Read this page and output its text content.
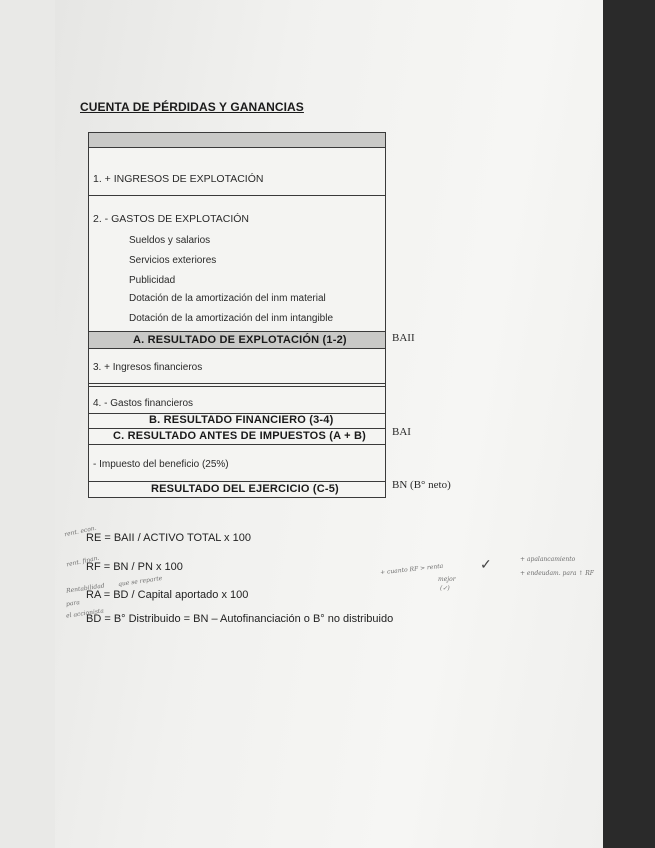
CUENTA DE PÉRDIDAS Y GANANCIAS
1. + INGRESOS DE EXPLOTACIÓN
2. - GASTOS DE EXPLOTACIÓN
Sueldos y salarios
Servicios exteriores
Publicidad
Dotación de la amortización del inm material
Dotación de la amortización del inm intangible
A. RESULTADO DE EXPLOTACIÓN (1-2)
3. + Ingresos financieros
4. - Gastos financieros
B. RESULTADO FINANCIERO (3-4)
C. RESULTADO ANTES DE IMPUESTOS (A + B)
- Impuesto del beneficio (25%)
RESULTADO DEL EJERCICIO (C-5)
BAII
BAI
BN (B° neto)
rent. econ.
RE = BAII / ACTIVO TOTAL x 100
rent. finan.
RF = BN / PN x 100
Rentabilidad
para
el accionista
que se reparte
RA = BD / Capital aportado x 100
BD = B° Distribuido = BN – Autofinanciación o B° no distribuido
+ cuanto RF > renta
mejor
(✓)
✓	+ apalancamiento
+ endeudam. para ↑ RF
